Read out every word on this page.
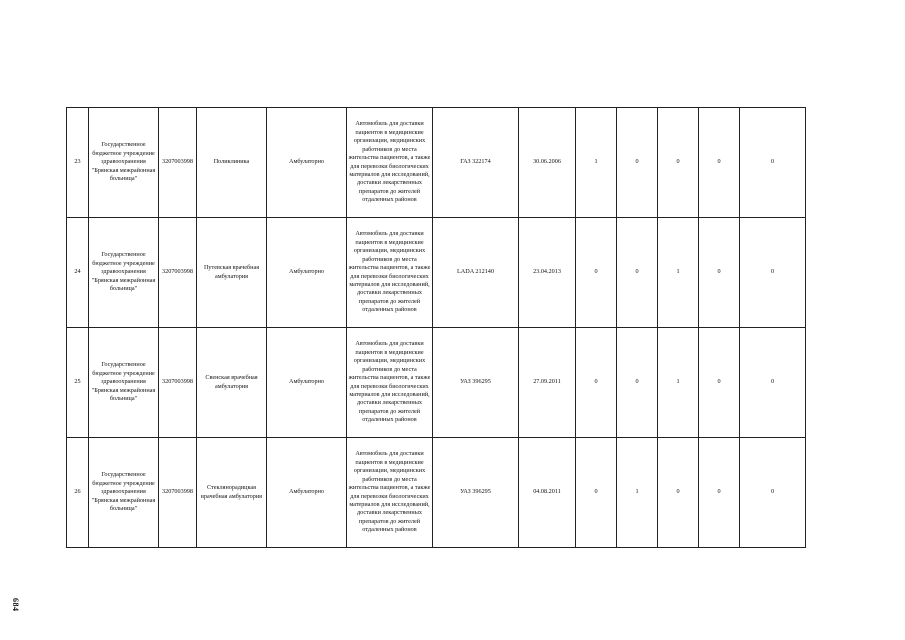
23	Государственное бюджетное учреждение здравоохранения "Брянская межрайонная больница"	3207003998	Поликлиника	Амбулаторно	Автомобиль для доставки пациентов в медицинские организации, медицинских работников до места жительства пациентов, а также для перевозки биологических материалов для исследований, доставки лекарственных препаратов до жителей отдаленных районов	ГАЗ 322174	30.06.2006	1	0	0	0	0
24	Государственное бюджетное учреждение здравоохранения "Брянская межрайонная больница"	3207003998	Путевская врачебная амбулатория	Амбулаторно	Автомобиль для доставки пациентов в медицинские организации, медицинских работников до места жительства пациентов, а также для перевозки биологических материалов для исследований, доставки лекарственных препаратов до жителей отдаленных районов	LADA 212140	23.04.2013	0	0	1	0	0
25	Государственное бюджетное учреждение здравоохранения "Брянская межрайонная больница"	3207003998	Свенская врачебная амбулатория	Амбулаторно	Автомобиль для доставки пациентов в медицинские организации, медицинских работников до места жительства пациентов, а также для перевозки биологических материалов для исследований, доставки лекарственных препаратов до жителей отдаленных районов	УАЗ 396295	27.09.2011	0	0	1	0	0
26	Государственное бюджетное учреждение здравоохранения "Брянская межрайонная больница"	3207003998	Стеклянорадицкая врачебная амбулатория	Амбулаторно	Автомобиль для доставки пациентов в медицинские организации, медицинских работников до места жительства пациентов, а также для перевозки биологических материалов для исследований, доставки лекарственных препаратов до жителей отдаленных районов	УАЗ 396295	04.08.2011	0	1	0	0	0
684
